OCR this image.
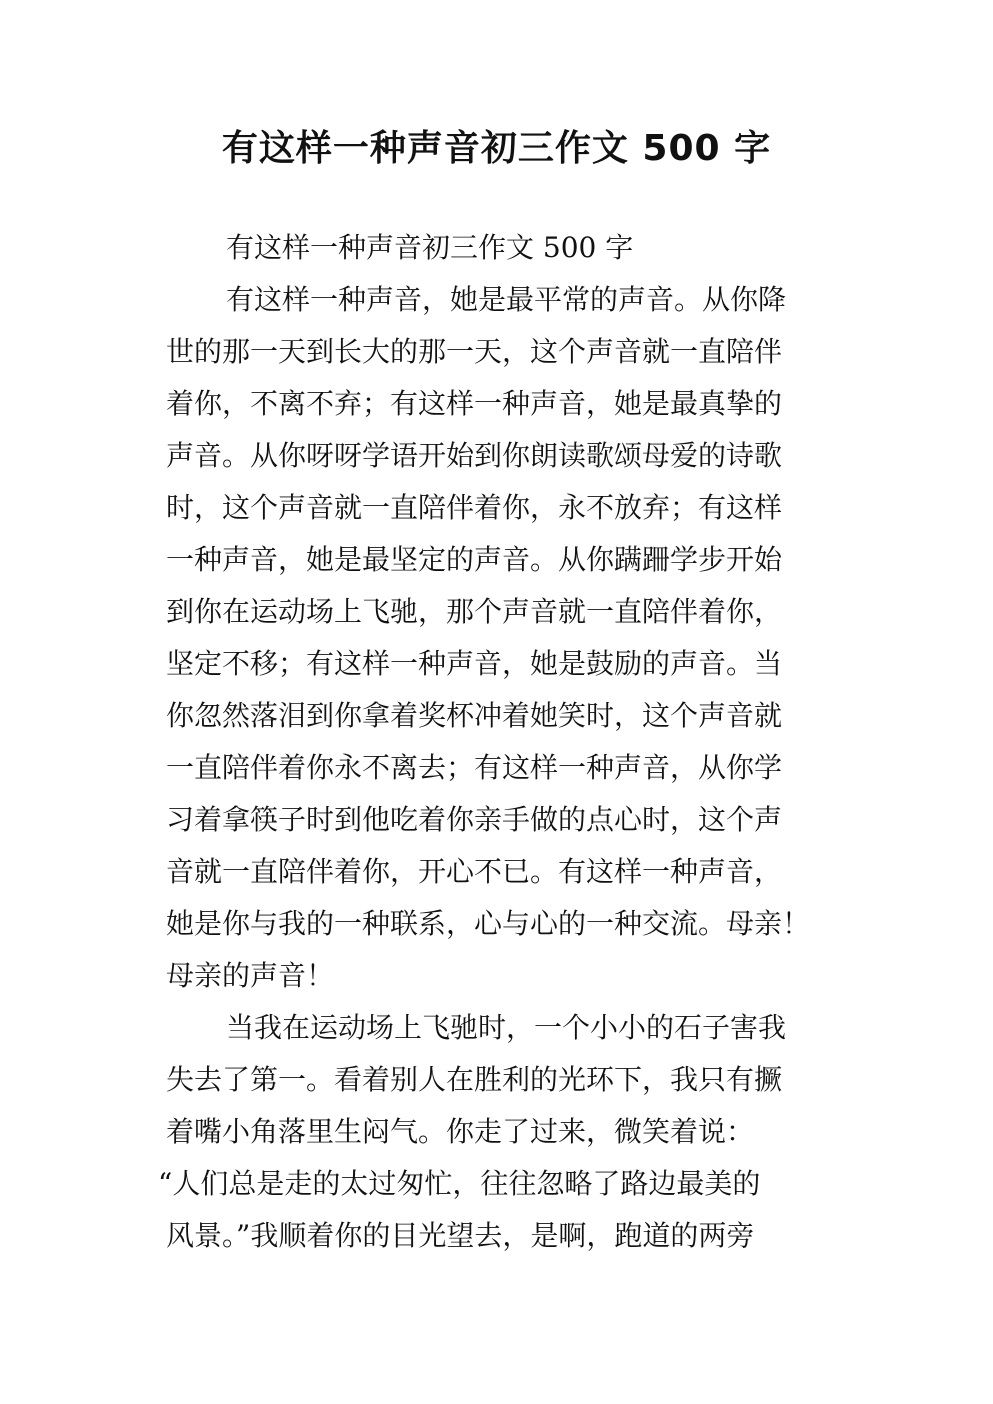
有这样一种声音初三作文 500 字
有这样一种声音初三作文 500 字
有这样一种声音，她是最平常的声音。从你降
世的那一天到长大的那一天，这个声音就一直陪伴
着你，不离不弃；有这样一种声音，她是最真挚的
声音。从你呀呀学语开始到你朗读歌颂母爱的诗歌
时，这个声音就一直陪伴着你，永不放弃；有这样
一种声音，她是最坚定的声音。从你蹒跚学步开始
到你在运动场上飞驰，那个声音就一直陪伴着你，
坚定不移；有这样一种声音，她是鼓励的声音。当
你忽然落泪到你拿着奖杯冲着她笑时，这个声音就
一直陪伴着你永不离去；有这样一种声音，从你学
习着拿筷子时到他吃着你亲手做的点心时，这个声
音就一直陪伴着你，开心不已。有这样一种声音，
她是你与我的一种联系，心与心的一种交流。母亲！
母亲的声音！
当我在运动场上飞驰时，一个小小的石子害我
失去了第一。看着别人在胜利的光环下，我只有撅
着嘴小角落里生闷气。你走了过来，微笑着说：
“人们总是走的太过匆忙，往往忽略了路边最美的
风景。”我顺着你的目光望去，是啊，跑道的两旁
